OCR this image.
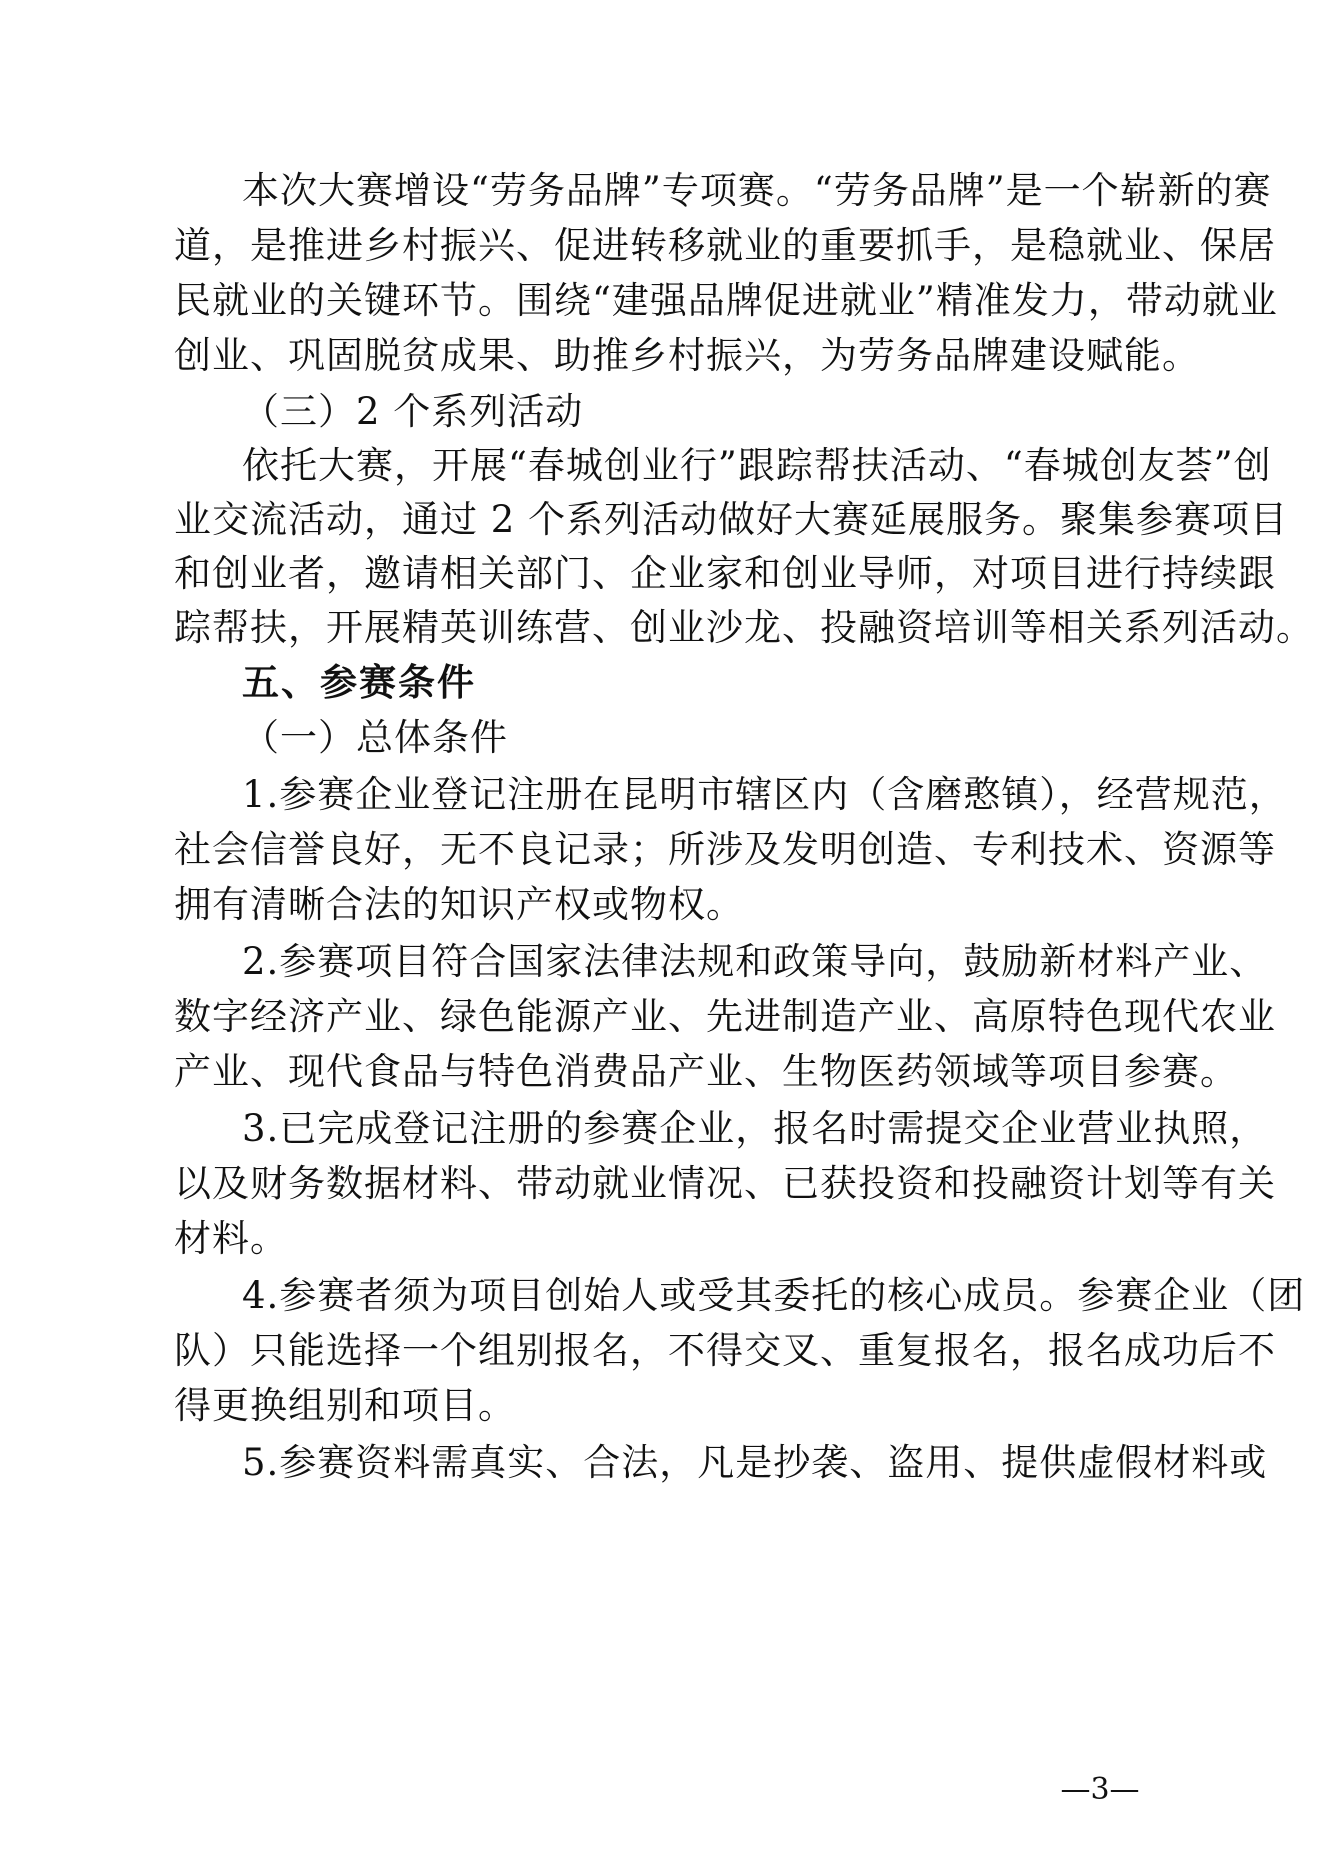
本次大赛增设“劳务品牌”专项赛。“劳务品牌”是一个崭新的赛
道，是推进乡村振兴、促进转移就业的重要抓手，是稳就业、保居
民就业的关键环节。围绕“建强品牌促进就业”精准发力，带动就业
创业、巩固脱贫成果、助推乡村振兴，为劳务品牌建设赋能。
（三）2 个系列活动
依托大赛，开展“春城创业行”跟踪帮扶活动、“春城创友荟”创
业交流活动，通过 2 个系列活动做好大赛延展服务。聚集参赛项目
和创业者，邀请相关部门、企业家和创业导师，对项目进行持续跟
踪帮扶，开展精英训练营、创业沙龙、投融资培训等相关系列活动。
五、参赛条件
（一）总体条件
1.参赛企业登记注册在昆明市辖区内（含磨憨镇），经营规范，
社会信誉良好，无不良记录；所涉及发明创造、专利技术、资源等
拥有清晰合法的知识产权或物权。
2.参赛项目符合国家法律法规和政策导向，鼓励新材料产业、
数字经济产业、绿色能源产业、先进制造产业、高原特色现代农业
产业、现代食品与特色消费品产业、生物医药领域等项目参赛。
3.已完成登记注册的参赛企业，报名时需提交企业营业执照，
以及财务数据材料、带动就业情况、已获投资和投融资计划等有关
材料。
4.参赛者须为项目创始人或受其委托的核心成员。参赛企业（团
队）只能选择一个组别报名，不得交叉、重复报名，报名成功后不
得更换组别和项目。
5.参赛资料需真实、合法，凡是抄袭、盗用、提供虚假材料或
—3—
